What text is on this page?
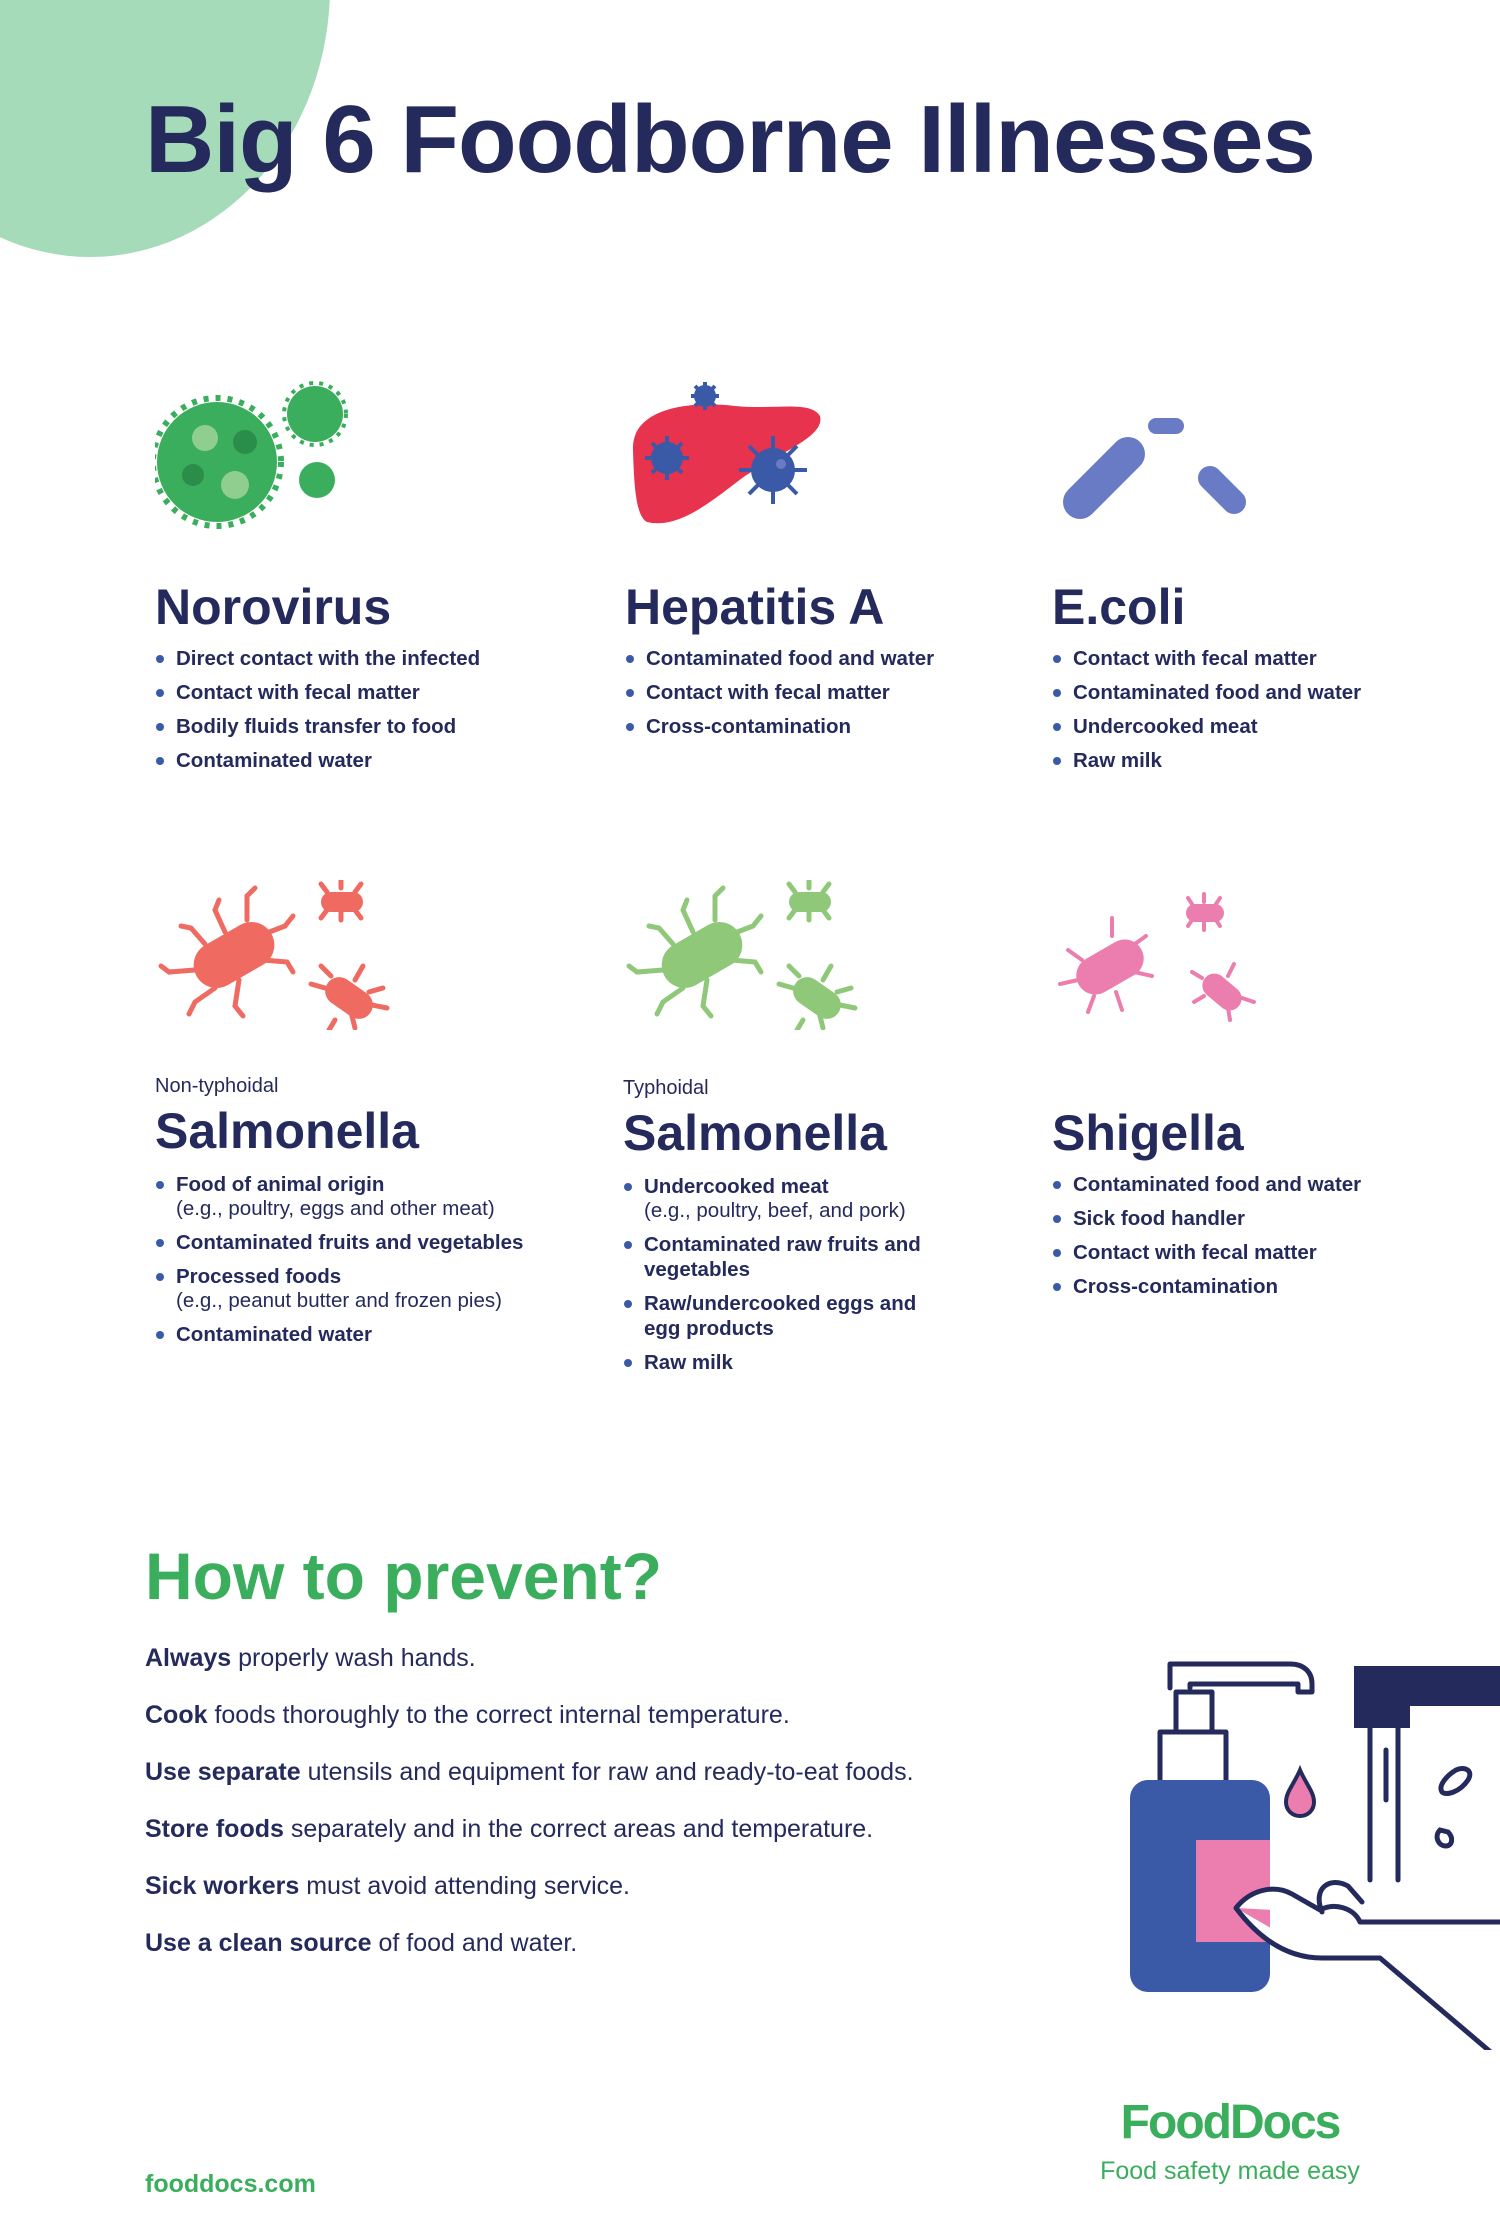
Big 6 Foodborne Illnesses
Norovirus
Direct contact with the infected
Contact with fecal matter
Bodily fluids transfer to food
Contaminated water
Hepatitis A
Contaminated food and water
Contact with fecal matter
Cross-contamination
E.coli
Contact with fecal matter
Contaminated food and water
Undercooked meat
Raw milk
Non-typhoidal
Salmonella
Food of animal origin
(e.g., poultry, eggs and other meat)
Contaminated fruits and vegetables
Processed foods
(e.g., peanut butter and frozen pies)
Contaminated water
Typhoidal
Salmonella
Undercooked meat
(e.g., poultry, beef, and pork)
Contaminated raw fruits and vegetables
Raw/undercooked eggs and egg products
Raw milk
Shigella
Contaminated food and water
Sick food handler
Contact with fecal matter
Cross-contamination
How to prevent?
Always properly wash hands.
Cook foods thoroughly to the correct internal temperature.
Use separate utensils and equipment for raw and ready-to-eat foods.
Store foods separately and in the correct areas and temperature.
Sick workers must avoid attending service.
Use a clean source of food and water.
FoodDocs
Food safety made easy
fooddocs.com
